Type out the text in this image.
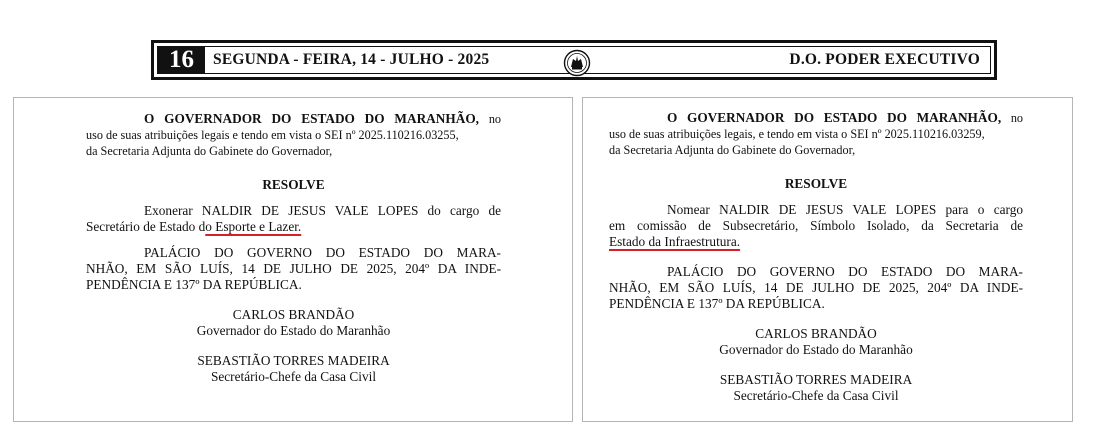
16	SEGUNDA - FEIRA, 14 - JULHO - 2025	D.O. PODER EXECUTIVO

O GOVERNADOR DO ESTADO DO MARANHÃO, no
uso de suas atribuições legais e tendo em vista o SEI nº 2025.110216.03255,
da Secretaria Adjunta do Gabinete do Governador,

RESOLVE

Exonerar NALDIR DE JESUS VALE LOPES do cargo de
Secretário de Estado do Esporte e Lazer.

PALÁCIO DO GOVERNO DO ESTADO DO MARA-
NHÃO, EM SÃO LUÍS, 14 DE JULHO DE 2025, 204º DA INDE-
PENDÊNCIA E 137º DA REPÚBLICA.

CARLOS BRANDÃO
Governador do Estado do Maranhão

SEBASTIÃO TORRES MADEIRA
Secretário-Chefe da Casa Civil

O GOVERNADOR DO ESTADO DO MARANHÃO, no
uso de suas atribuições legais, e tendo em vista o SEI nº 2025.110216.03259,
da Secretaria Adjunta do Gabinete do Governador,

RESOLVE

Nomear NALDIR DE JESUS VALE LOPES para o cargo
em comissão de Subsecretário, Símbolo Isolado, da Secretaria de
Estado da Infraestrutura.

PALÁCIO DO GOVERNO DO ESTADO DO MARA-
NHÃO, EM SÃO LUÍS, 14 DE JULHO DE 2025, 204º DA INDE-
PENDÊNCIA E 137º DA REPÚBLICA.

CARLOS BRANDÃO
Governador do Estado do Maranhão

SEBASTIÃO TORRES MADEIRA
Secretário-Chefe da Casa Civil
